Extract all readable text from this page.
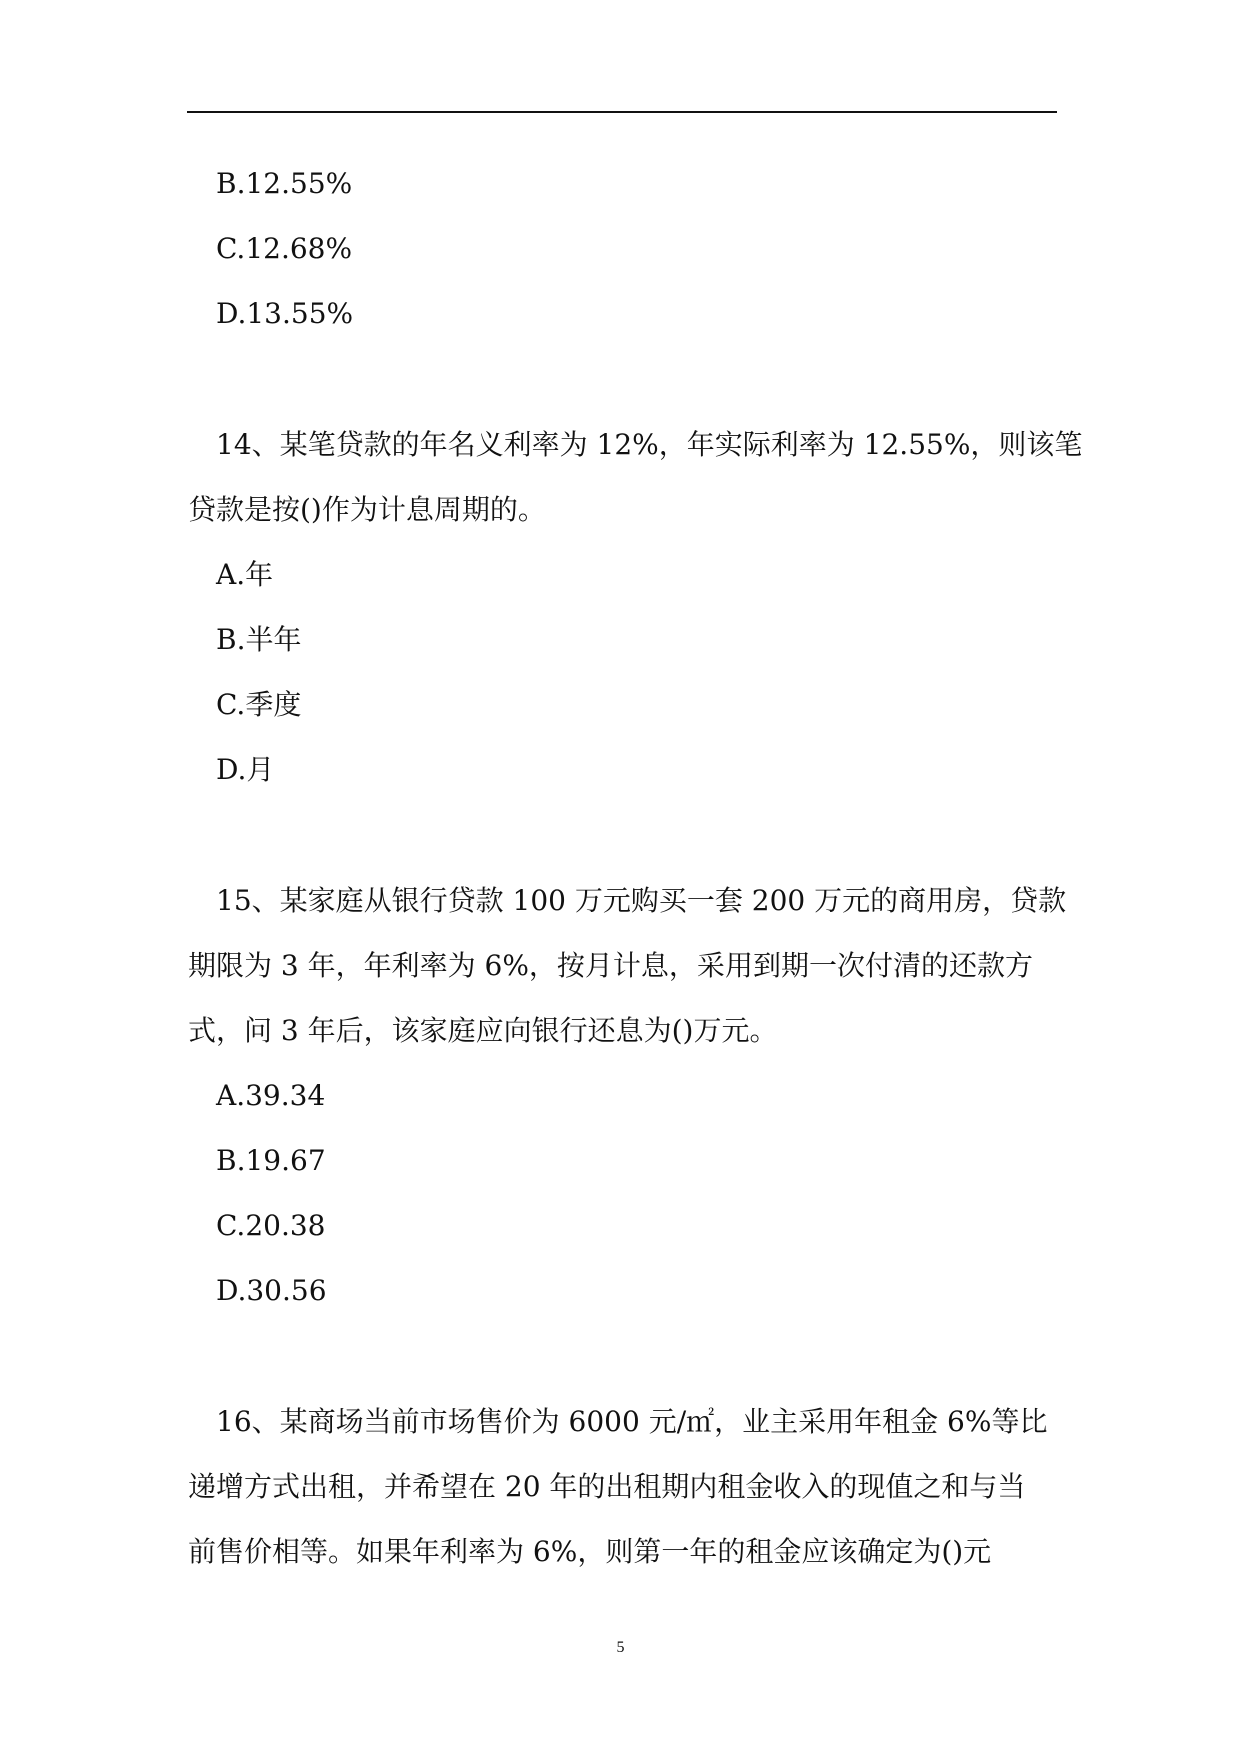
B.12.55%
C.12.68%
D.13.55%
14、某笔贷款的年名义利率为 12%，年实际利率为 12.55%，则该笔
贷款是按()作为计息周期的。
A.年
B.半年
C.季度
D.月
15、某家庭从银行贷款 100 万元购买一套 200 万元的商用房，贷款
期限为 3 年，年利率为 6%，按月计息，采用到期一次付清的还款方
式，问 3 年后，该家庭应向银行还息为()万元。
A.39.34
B.19.67
C.20.38
D.30.56
16、某商场当前市场售价为 6000 元/㎡，业主采用年租金 6%等比
递增方式出租，并希望在 20 年的出租期内租金收入的现值之和与当
前售价相等。如果年利率为 6%，则第一年的租金应该确定为()元
5
